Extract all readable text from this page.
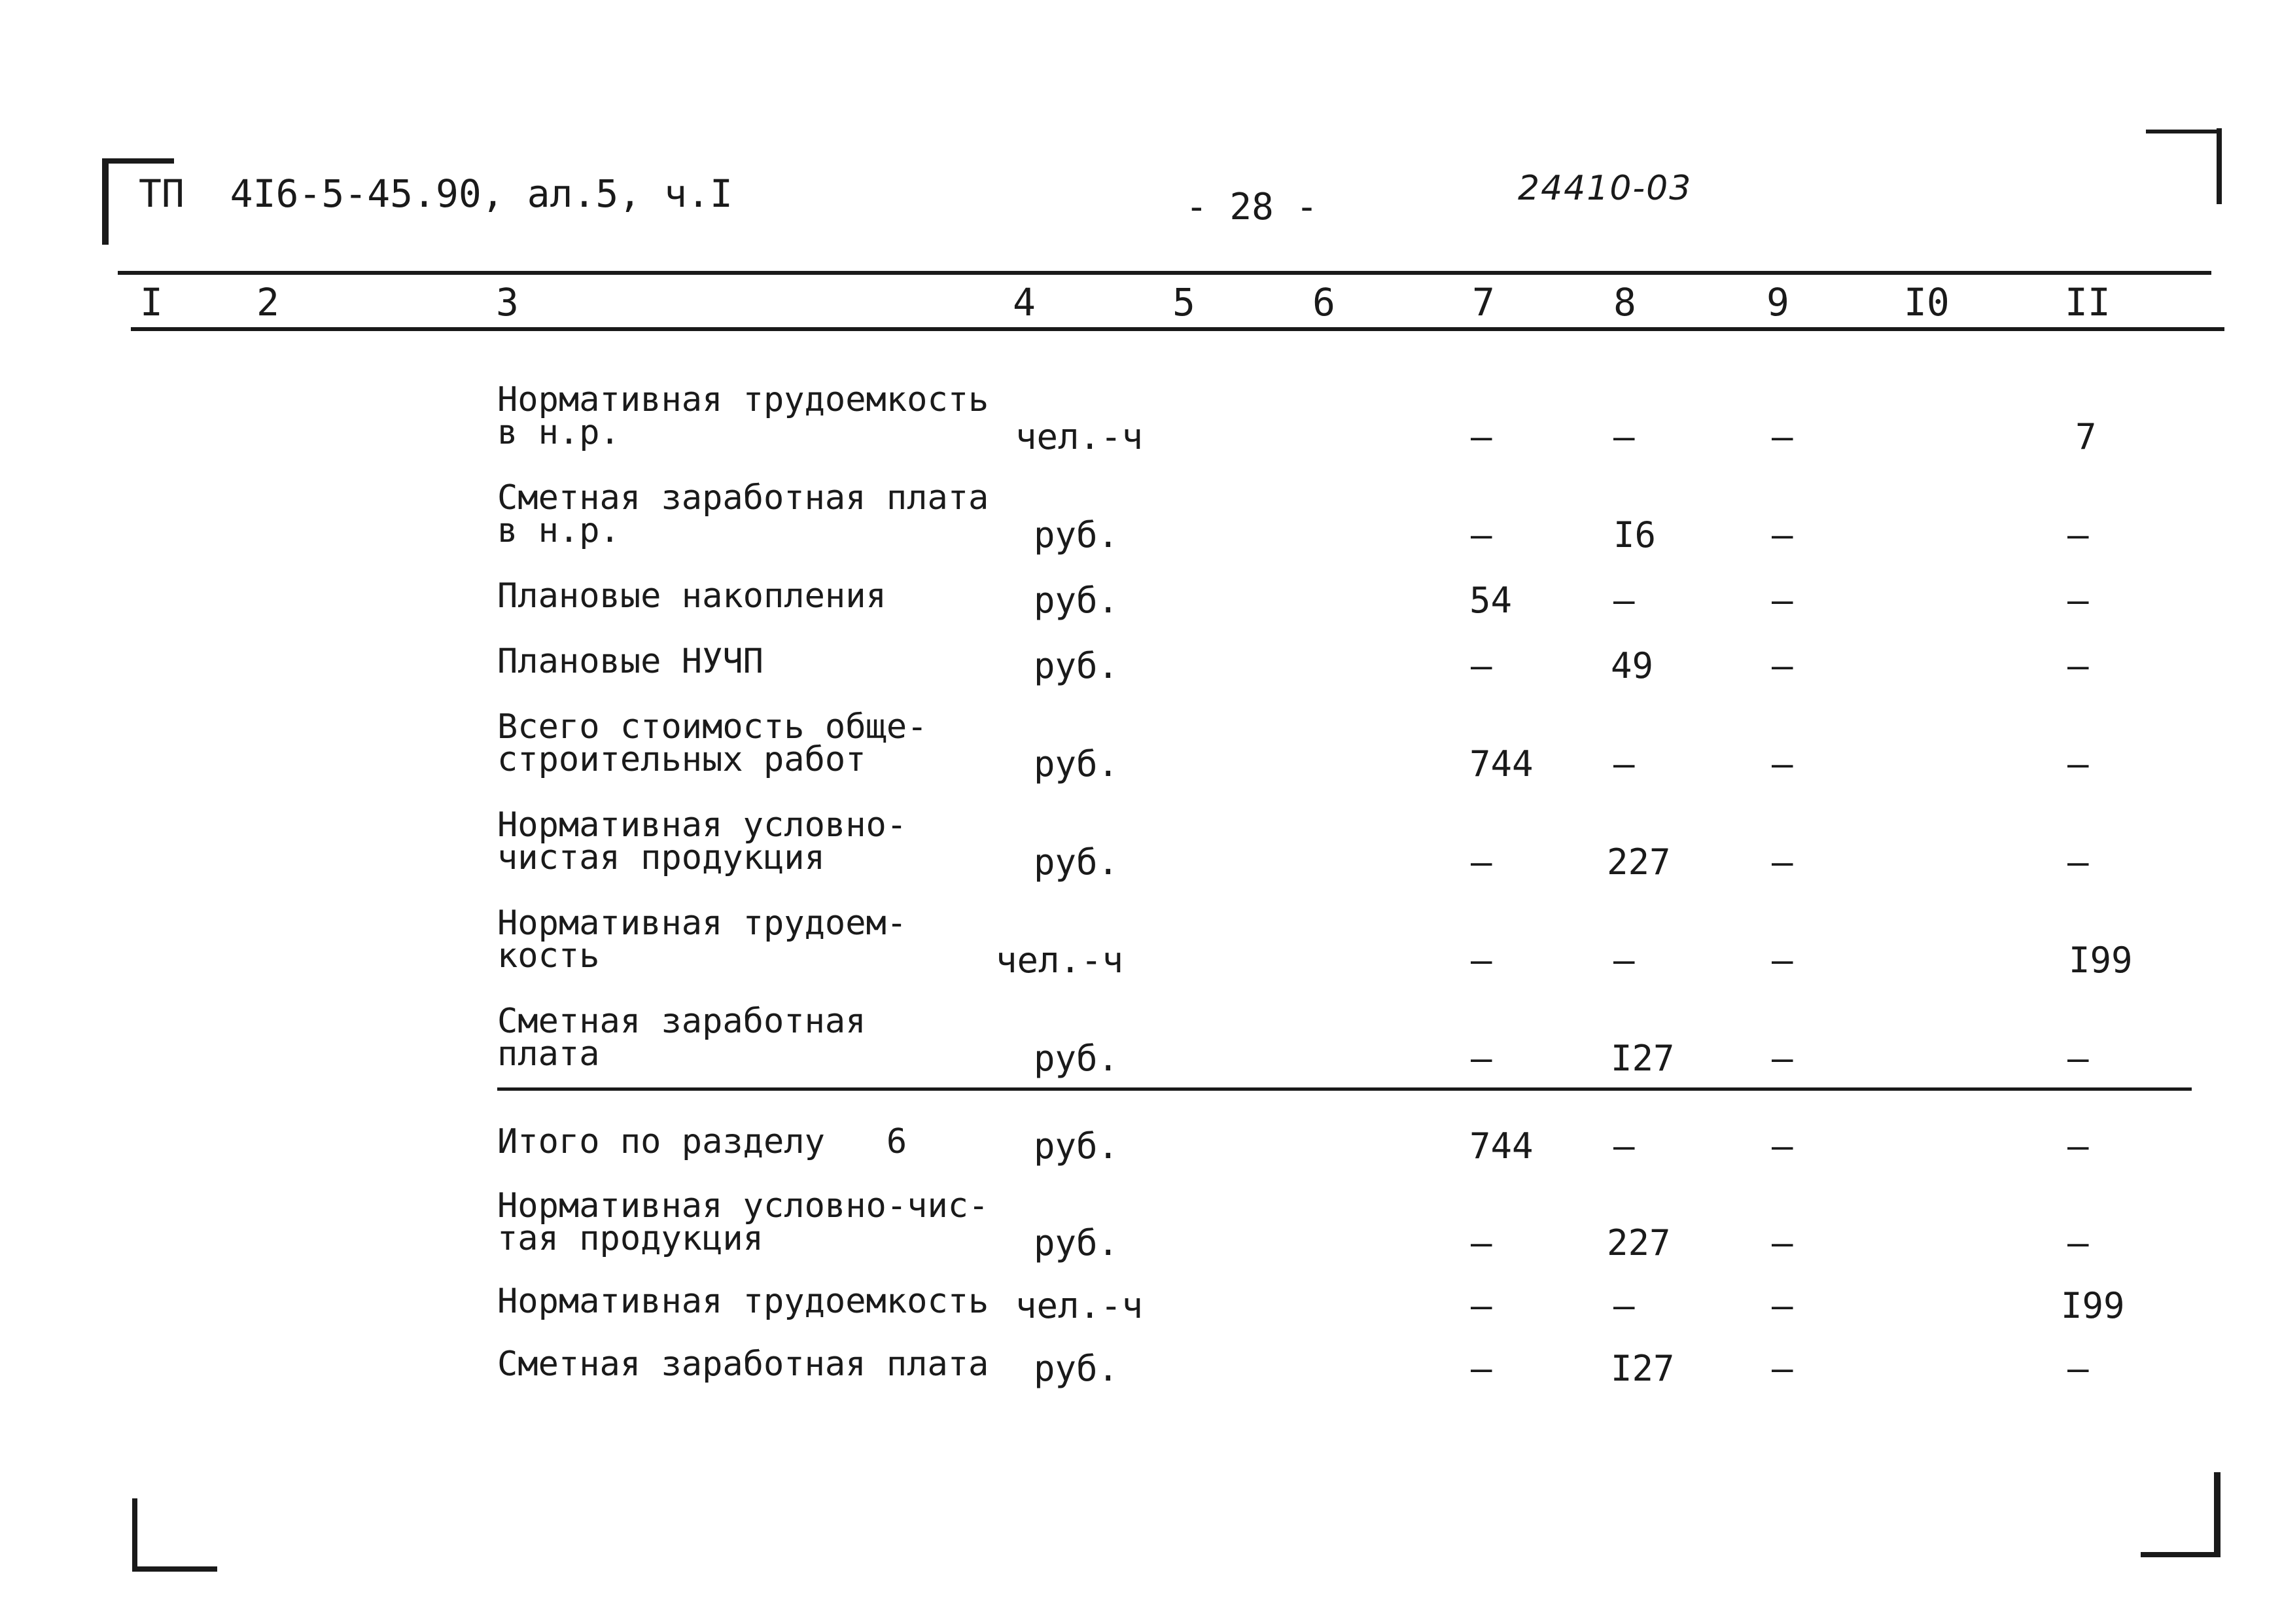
ТП  4I6-5-45.90, ал.5, ч.I	- 28 -	24410-03
I 2	3	4	5	6	7	8	9	I0	II
Нормативная трудоемкость
в н.р.	чел.-ч	–	–	–	7
Сметная заработная плата
в н.р.	руб.	–	I6	–	–
Плановые накопления	руб.	54	–	–	–
Плановые НУЧП	руб.	–	49	–	–
Всего стоимость обще-
строительных работ	руб.	744 –	–	–
Нормативная условно-
чистая продукция	руб.	–	227	–	–
Нормативная трудоем-
кость	чел.-ч	–	–	–	I99
Сметная заработная
плата	руб.	–	I27	–	–
Итого по разделу 6	руб.	744 –	–	–
Нормативная условно-чис-
тая продукция	руб.	–	227	–	–
Нормативная трудоемкость чел.-ч	–	–	–	I99
Сметная заработная плата руб.	–	I27	–	–
